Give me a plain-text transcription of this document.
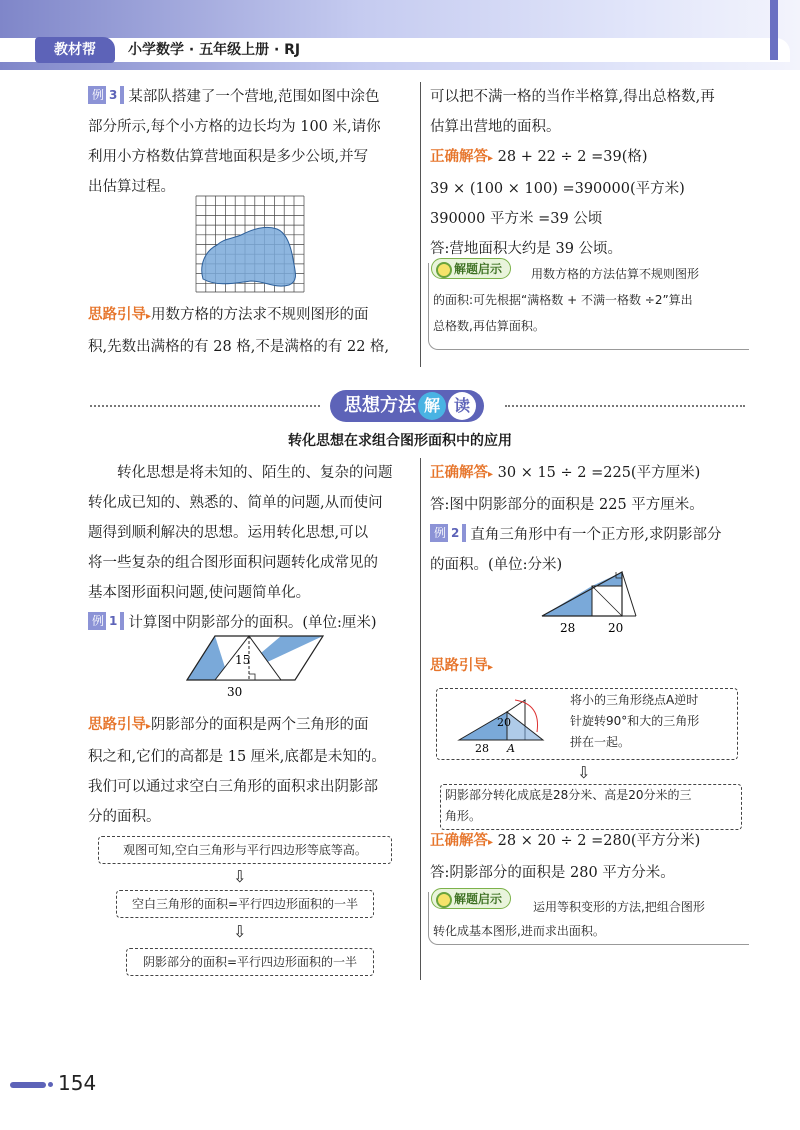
教材帮	小学数学 · 五年级上册 · RJ

例 3 某部队搭建了一个营地,范围如图中涂色

部分所示,每个小方格的边长均为 100 米,请你

利用小方格数估算营地面积是多少公顷,并写

出估算过程。

思路引导▸用数方格的方法求不规则图形的面

积,先数出满格的有 28 格,不是满格的有 22 格,

可以把不满一格的当作半格算,得出总格数,再

估算出营地的面积。

正确解答▸ 28 + 22 ÷ 2 =39(格)

39 × (100 × 100) =390000(平方米)

390000 平方米 =39 公顷

答:营地面积大约是 39 公顷。

解题启示	用数方格的方法估算不规则图形
的面积:可先根据“满格数 + 不满一格数 ÷2”算出
总格数,再估算面积。
思想方法 解 读
转化思想在求组合图形面积中的应用

转化思想是将未知的、陌生的、复杂的问题

转化成已知的、熟悉的、简单的问题,从而使问

题得到顺利解决的思想。运用转化思想,可以

将一些复杂的组合图形面积问题转化成常见的

基本图形面积问题,使问题简单化。

例 1 计算图中阴影部分的面积。(单位:厘米)

15
30

思路引导▸阴影部分的面积是两个三角形的面

积之和,它们的高都是 15 厘米,底都是未知的。

我们可以通过求空白三角形的面积求出阴影部

分的面积。

观图可知,空白三角形与平行四边形等底等高。
⇩
空白三角形的面积=平行四边形面积的一半
⇩
阴影部分的面积=平行四边形面积的一半

正确解答▸ 30 × 15 ÷ 2 =225(平方厘米)

答:图中阴影部分的面积是 225 平方厘米。

例 2 直角三角形中有一个正方形,求阴影部分

的面积。(单位:分米)

28	20
思路引导▸
20
28 A
将小的三角形绕点A逆时
针旋转90°和大的三角形
拼在一起。
⇩
阴影部分转化成底是28分米、高是20分米的三
角形。

正确解答▸ 28 × 20 ÷ 2 =280(平方分米)

答:阴影部分的面积是 280 平方分米。

解题启示
运用等积变形的方法,把组合图形
转化成基本图形,进而求出面积。
154
